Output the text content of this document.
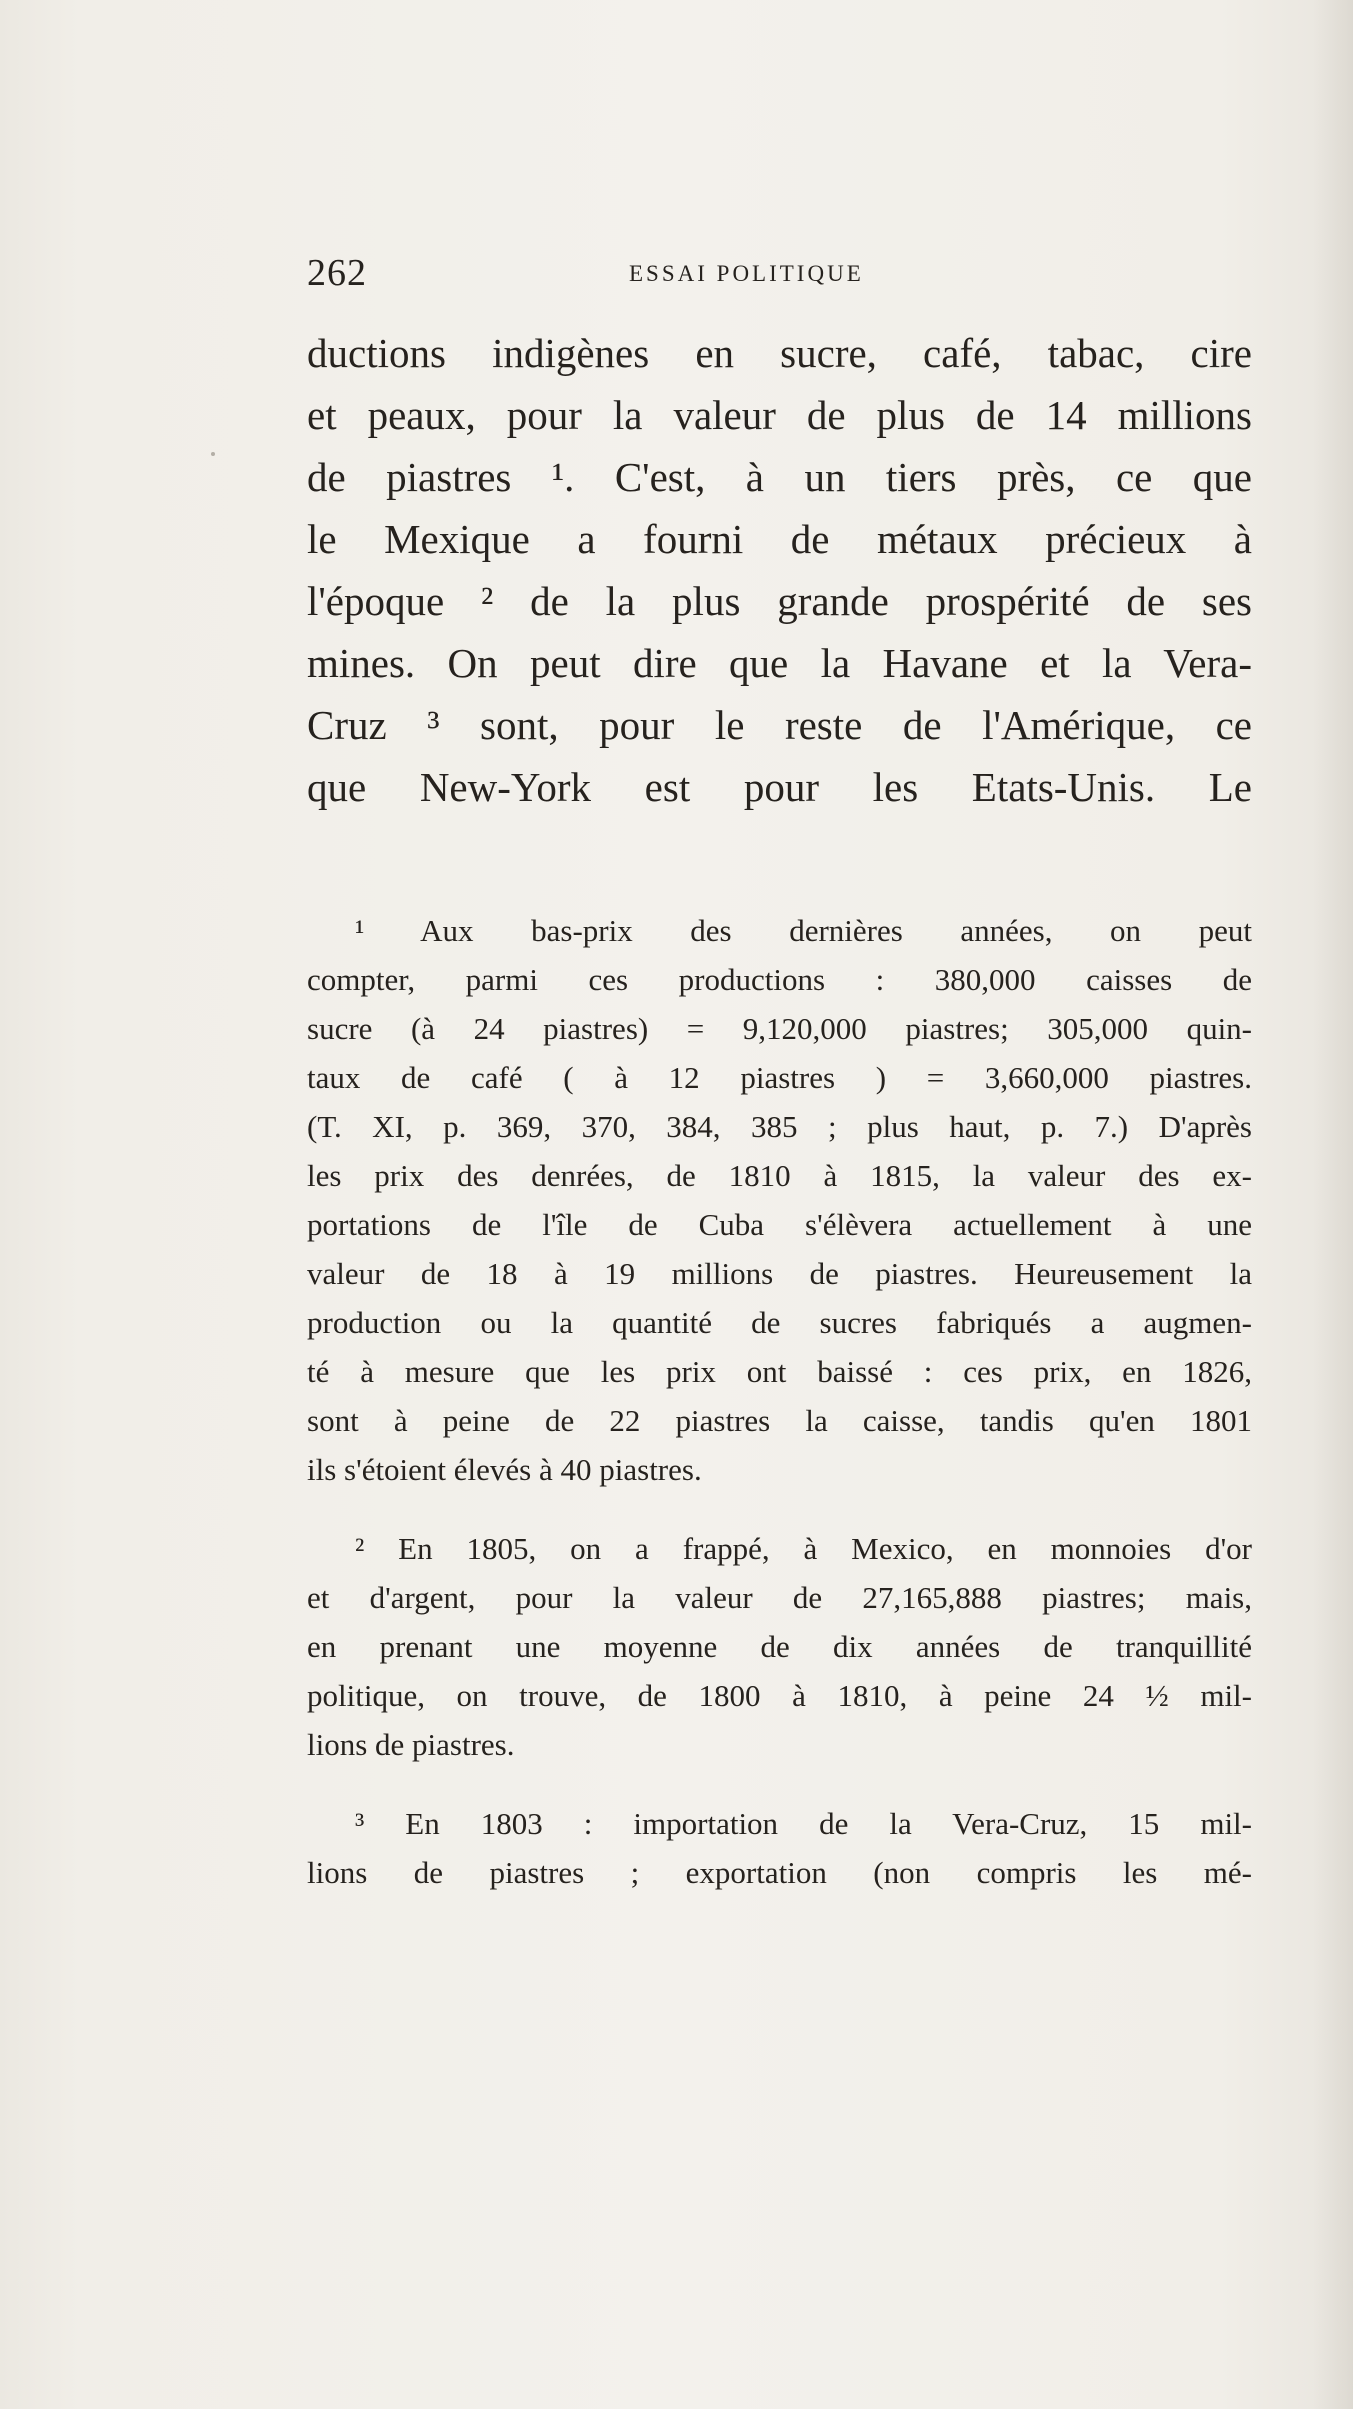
262	ESSAI POLITIQUE
ductions indigènes en sucre, café, tabac, cire
et peaux, pour la valeur de plus de 14 millions
de piastres ¹. C'est, à un tiers près, ce que
le Mexique a fourni de métaux précieux à
l'époque ² de la plus grande prospérité de ses
mines. On peut dire que la Havane et la Vera-
Cruz ³ sont, pour le reste de l'Amérique, ce
que New-York est pour les Etats-Unis. Le
¹ Aux bas-prix des dernières années, on peut
compter, parmi ces productions : 380,000 caisses de
sucre (à 24 piastres) = 9,120,000 piastres; 305,000 quin-
taux de café ( à 12 piastres ) = 3,660,000 piastres.
(T. XI, p. 369, 370, 384, 385 ; plus haut, p. 7.) D'après
les prix des denrées, de 1810 à 1815, la valeur des ex-
portations de l'île de Cuba s'élèvera actuellement à une
valeur de 18 à 19 millions de piastres. Heureusement la
production ou la quantité de sucres fabriqués a augmen-
té à mesure que les prix ont baissé : ces prix, en 1826,
sont à peine de 22 piastres la caisse, tandis qu'en 1801
ils s'étoient élevés à 40 piastres.
² En 1805, on a frappé, à Mexico, en monnoies d'or
et d'argent, pour la valeur de 27,165,888 piastres; mais,
en prenant une moyenne de dix années de tranquillité
politique, on trouve, de 1800 à 1810, à peine 24 ½ mil-
lions de piastres.
³ En 1803 : importation de la Vera-Cruz, 15 mil-
lions de piastres ; exportation (non compris les mé-
